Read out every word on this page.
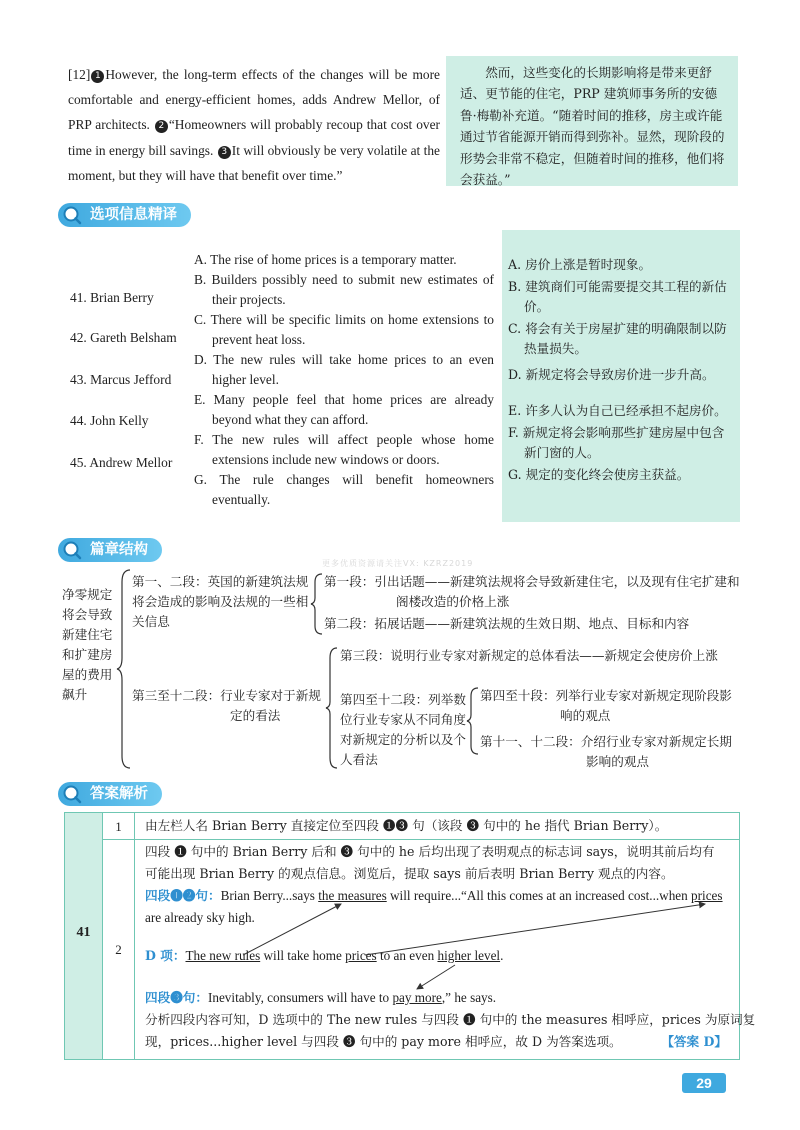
[12] 1 However, the long-term effects of the changes will be more comfortable and energy-efficient homes, adds Andrew Mellor, of PRP architects. 2 “Homeowners will probably recoup that cost over time in energy bill savings. 3 It will obviously be very volatile at the moment, but they will have that benefit over time.”
然而，这些变化的长期影响将是带来更舒适、更节能的住宅，PRP 建筑师事务所的安德鲁·梅勒补充道。“随着时间的推移，房主或许能通过节省能源开销而得到弥补。显然，现阶段的形势会非常不稳定，但随着时间的推移，他们将会获益。”
选项信息精译
41. Brian Berry
42. Gareth Belsham
43. Marcus Jefford
44. John Kelly
45. Andrew Mellor
A. The rise of home prices is a temporary matter.
B. Builders possibly need to submit new estimates of their projects.
C. There will be specific limits on home extensions to prevent heat loss.
D. The new rules will take home prices to an even higher level.
E. Many people feel that home prices are already beyond what they can afford.
F. The new rules will affect people whose home extensions include new windows or doors.
G. The rule changes will benefit homeowners eventually.
A. 房价上涨是暂时现象。
B. 建筑商们可能需要提交其工程的新估价。
C. 将会有关于房屋扩建的明确限制以防热量损失。
D. 新规定将会导致房价进一步升高。
E. 许多人认为自己已经承担不起房价。
F. 新规定将会影响那些扩建房屋中包含新门窗的人。
G. 规定的变化终会使房主获益。
篇章结构
更多优质资源请关注VX: KZRZ2019
净零规定将会导致新建住宅和扩建房屋的费用飙升
第一、二段：英国的新建筑法规将会造成的影响及法规的一些相关信息
第一段：引出话题——新建筑法规将会导致新建住宅，以及现有住宅扩建和阁楼改造的价格上涨
第二段：拓展话题——新建筑法规的生效日期、地点、目标和内容
第三至十二段：行业专家对于新规定的看法
第三段：说明行业专家对新规定的总体看法——新规定会使房价上涨
第四至十二段：列举数位行业专家从不同角度对新规定的分析以及个人看法
第四至十段：列举行业专家对新规定现阶段影响的观点
第十一、十二段：介绍行业专家对新规定长期影响的观点
答案解析
41
1
2
由左栏人名 Brian Berry 直接定位至四段 ❶❸ 句（该段 ❸ 句中的 he 指代 Brian Berry）。
四段 ❶ 句中的 Brian Berry 后和 ❸ 句中的 he 后均出现了表明观点的标志词 says，说明其前后均有
可能出现 Brian Berry 的观点信息。浏览后，提取 says 前后表明 Brian Berry 观点的内容。
四段❶❷句：Brian Berry...says the measures will require...“All this comes at an increased cost...when prices
are already sky high.
D 项：The new rules will take home prices to an even higher level.
四段❸句：Inevitably, consumers will have to pay more,” he says.
分析四段内容可知，D 选项中的 The new rules 与四段 ❶ 句中的 the measures 相呼应，prices 为原词复
现，prices...higher level 与四段 ❸ 句中的 pay more 相呼应，故 D 为答案选项。	【答案 D】
29
